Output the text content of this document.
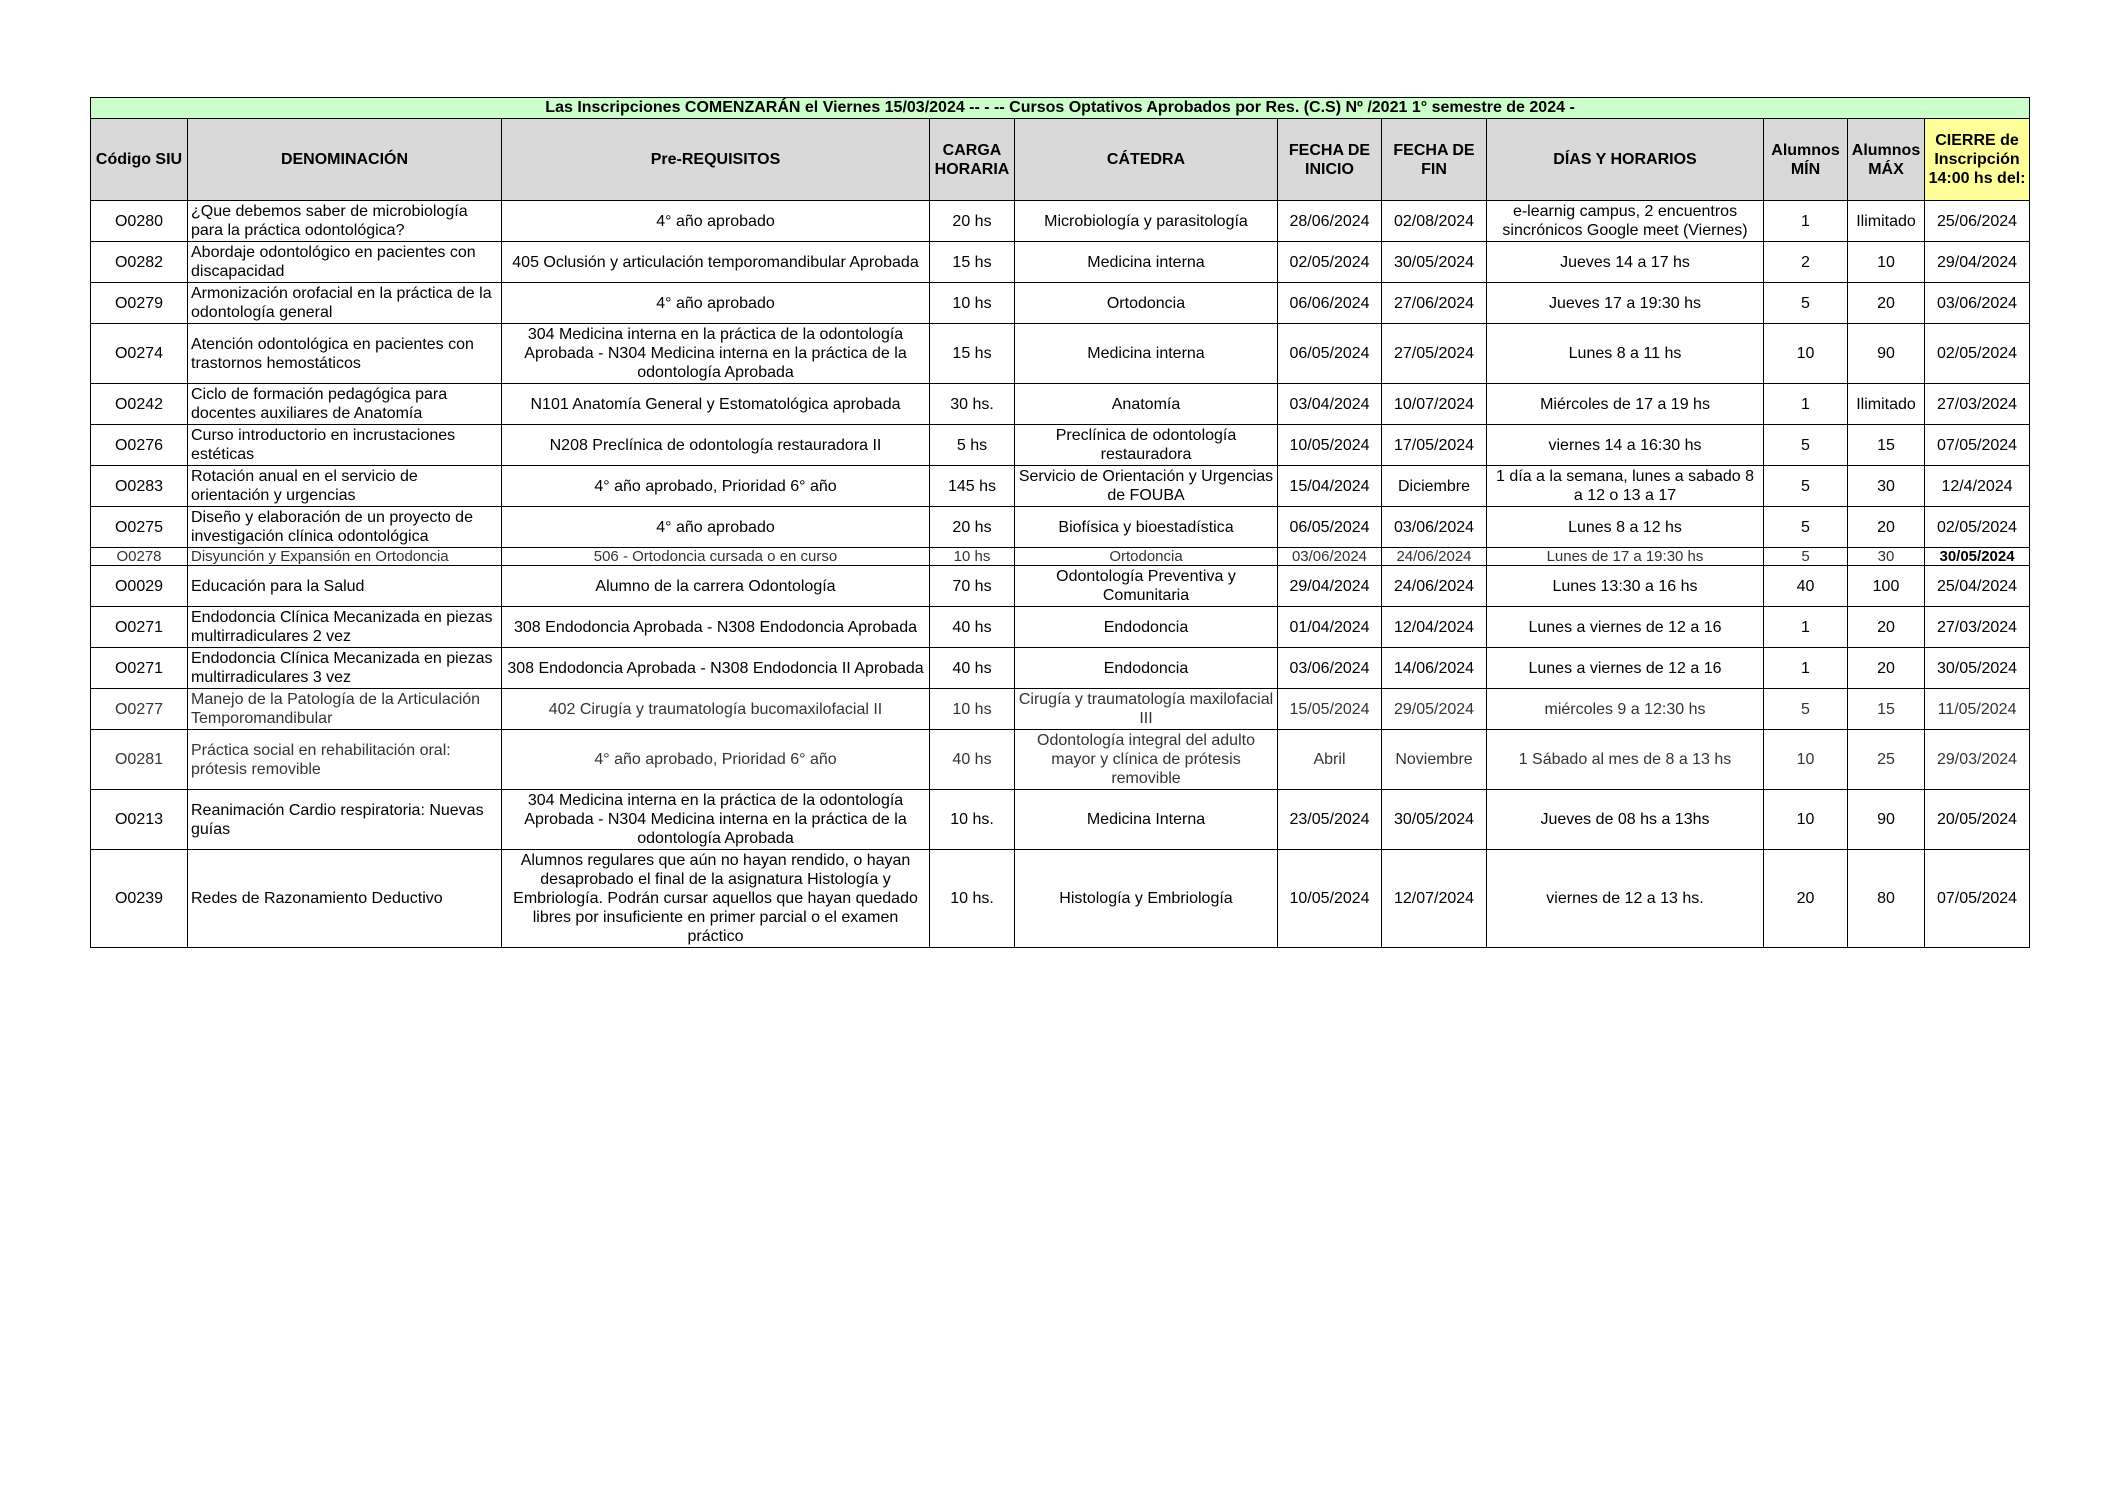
Las Inscripciones COMENZARÁN el Viernes 15/03/2024 -- - -- Cursos Optativos Aprobados por Res. (C.S) Nº /2021 1° semestre de 2024 -										
Código SIU	DENOMINACIÓN	Pre-REQUISITOS	CARGA HORARIA	CÁTEDRA	FECHA DE INICIO	FECHA DE FIN	DÍAS Y HORARIOS	Alumnos MÍN	Alumnos MÁX	CIERRE de Inscripción 14:00 hs del:
O0280	¿Que debemos saber de microbiología para la práctica odontológica?	4° año aprobado	20 hs	Microbiología y parasitología	28/06/2024	02/08/2024	e-learnig campus, 2 encuentros sincrónicos Google meet (Viernes)	1	Ilimitado	25/06/2024
O0282	Abordaje odontológico en pacientes con discapacidad	405 Oclusión y articulación temporomandibular Aprobada	15 hs	Medicina interna	02/05/2024	30/05/2024	Jueves 14 a 17 hs	2	10	29/04/2024
O0279	Armonización orofacial en la práctica de la odontología general	4° año aprobado	10 hs	Ortodoncia	06/06/2024	27/06/2024	Jueves 17 a 19:30 hs	5	20	03/06/2024
O0274	Atención odontológica en pacientes con trastornos hemostáticos	304 Medicina interna en la práctica de la odontología Aprobada - N304 Medicina interna en la práctica de la odontología Aprobada	15 hs	Medicina interna	06/05/2024	27/05/2024	Lunes 8 a 11 hs	10	90	02/05/2024
O0242	Ciclo de formación pedagógica para docentes auxiliares de Anatomía	N101 Anatomía General y Estomatológica aprobada	30 hs.	Anatomía	03/04/2024	10/07/2024	Miércoles de 17 a 19 hs	1	Ilimitado	27/03/2024
O0276	Curso introductorio en incrustaciones estéticas	N208 Preclínica de odontología restauradora II	5 hs	Preclínica de odontología restauradora	10/05/2024	17/05/2024	viernes 14 a 16:30 hs	5	15	07/05/2024
O0283	Rotación anual en el servicio de orientación y urgencias	4° año aprobado, Prioridad 6° año	145 hs	Servicio de Orientación y Urgencias de FOUBA	15/04/2024	Diciembre	1 día a la semana, lunes a sabado 8 a 12 o 13 a 17	5	30	12/4/2024
O0275	Diseño y elaboración de un proyecto de investigación clínica odontológica	4° año aprobado	20 hs	Biofísica y bioestadística	06/05/2024	03/06/2024	Lunes 8 a 12 hs	5	20	02/05/2024
O0278	Disyunción y Expansión en Ortodoncia	506 - Ortodoncia cursada o en curso	10 hs	Ortodoncia	03/06/2024	24/06/2024	Lunes de 17 a 19:30 hs	5	30	30/05/2024
O0029	Educación para la Salud	Alumno de la carrera Odontología	70 hs	Odontología Preventiva y Comunitaria	29/04/2024	24/06/2024	Lunes 13:30 a 16 hs	40	100	25/04/2024
O0271	Endodoncia Clínica Mecanizada en piezas multirradiculares 2 vez	308 Endodoncia Aprobada - N308 Endodoncia Aprobada	40 hs	Endodoncia	01/04/2024	12/04/2024	Lunes a viernes de 12 a 16	1	20	27/03/2024
O0271	Endodoncia Clínica Mecanizada en piezas multirradiculares 3 vez	308 Endodoncia Aprobada - N308 Endodoncia II Aprobada	40 hs	Endodoncia	03/06/2024	14/06/2024	Lunes a viernes de 12 a 16	1	20	30/05/2024
O0277	Manejo de la Patología de la Articulación Temporomandibular	402 Cirugía y traumatología bucomaxilofacial II	10 hs	Cirugía y traumatología maxilofacial III	15/05/2024	29/05/2024	miércoles 9 a 12:30 hs	5	15	11/05/2024
O0281	Práctica social en rehabilitación oral: prótesis removible	4° año aprobado, Prioridad 6° año	40 hs	Odontología integral del adulto mayor y clínica de prótesis removible	Abril	Noviembre	1 Sábado al mes de 8 a 13 hs	10	25	29/03/2024
O0213	Reanimación Cardio respiratoria: Nuevas guías	304 Medicina interna en la práctica de la odontología Aprobada - N304 Medicina interna en la práctica de la odontología Aprobada	10 hs.	Medicina Interna	23/05/2024	30/05/2024	Jueves de 08 hs a 13hs	10	90	20/05/2024
O0239	Redes de Razonamiento Deductivo	Alumnos regulares que aún no hayan rendido, o hayan desaprobado el final de la asignatura Histología y Embriología. Podrán cursar aquellos que hayan quedado libres por insuficiente en primer parcial o el examen práctico	10 hs.	Histología y Embriología	10/05/2024	12/07/2024	viernes de 12 a 13 hs.	20	80	07/05/2024
